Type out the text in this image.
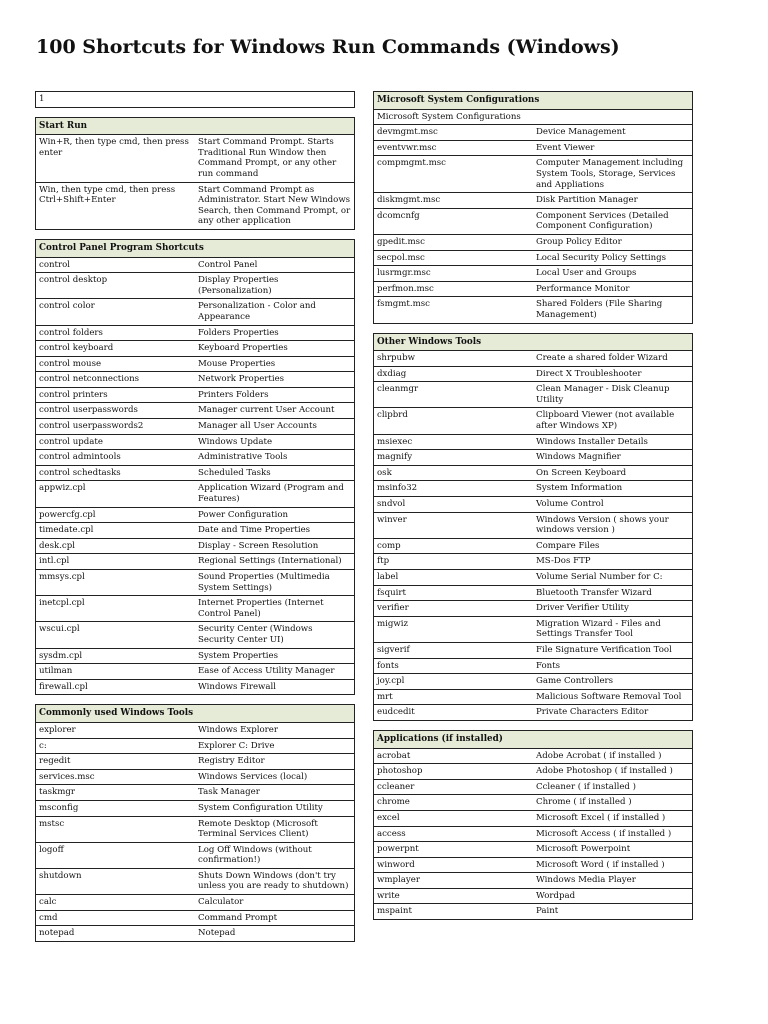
100 Shortcuts for Windows Run Commands (Windows)
1
Start Run	
Win+R, then type cmd, then press enter	Start Command Prompt. Starts Traditional Run Window then Command Prompt, or any other run command
Win, then type cmd, then press Ctrl+Shift+Enter	Start Command Prompt as Administrator. Start New Windows Search, then Command Prompt, or any other application
Control Panel Program Shortcuts	
control	Control Panel
control desktop	Display Properties (Personalization)
control color	Personalization - Color and Appearance
control folders	Folders Properties
control keyboard	Keyboard Properties
control mouse	Mouse Properties
control netconnections	Network Properties
control printers	Printers Folders
control userpasswords	Manager current User Account
control userpasswords2	Manager all User Accounts
control update	Windows Update
control admintools	Administrative Tools
control schedtasks	Scheduled Tasks
appwiz.cpl	Application Wizard (Program and Features)
powercfg.cpl	Power Configuration
timedate.cpl	Date and Time Properties
desk.cpl	Display - Screen Resolution
intl.cpl	Regional Settings (International)
mmsys.cpl	Sound Properties (Multimedia System Settings)
inetcpl.cpl	Internet Properties (Internet Control Panel)
wscui.cpl	Security Center (Windows Security Center UI)
sysdm.cpl	System Properties
utilman	Ease of Access Utility Manager
firewall.cpl	Windows Firewall
Commonly used Windows Tools	
explorer	Windows Explorer
c:	Explorer C: Drive
regedit	Registry Editor
services.msc	Windows Services (local)
taskmgr	Task Manager
msconfig	System Configuration Utility
mstsc	Remote Desktop (Microsoft Terminal Services Client)
logoff	Log Off Windows (without confirmation!)
shutdown	Shuts Down Windows (don't try unless you are ready to shutdown)
calc	Calculator
cmd	Command Prompt
notepad	Notepad
Microsoft System Configurations	
Microsoft System Configurations	
devmgmt.msc	Device Management
eventvwr.msc	Event Viewer
compmgmt.msc	Computer Management including System Tools, Storage, Services and Appliations
diskmgmt.msc	Disk Partition Manager
dcomcnfg	Component Services (Detailed Component Configuration)
gpedit.msc	Group Policy Editor
secpol.msc	Local Security Policy Settings
lusrmgr.msc	Local User and Groups
perfmon.msc	Performance Monitor
fsmgmt.msc	Shared Folders (File Sharing Management)
Other Windows Tools	
shrpubw	Create a shared folder Wizard
dxdiag	Direct X Troubleshooter
cleanmgr	Clean Manager - Disk Cleanup Utility
clipbrd	Clipboard Viewer (not available after Windows XP)
msiexec	Windows Installer Details
magnify	Windows Magnifier
osk	On Screen Keyboard
msinfo32	System Information
sndvol	Volume Control
winver	Windows Version ( shows your windows version )
comp	Compare Files
ftp	MS-Dos FTP
label	Volume Serial Number for C:
fsquirt	Bluetooth Transfer Wizard
verifier	Driver Verifier Utility
migwiz	Migration Wizard - Files and Settings Transfer Tool
sigverif	File Signature Verification Tool
fonts	Fonts
joy.cpl	Game Controllers
mrt	Malicious Software Removal Tool
eudcedit	Private Characters Editor
Applications (if installed)	
acrobat	Adobe Acrobat ( if installed )
photoshop	Adobe Photoshop ( if installed )
ccleaner	Ccleaner ( if installed )
chrome	Chrome ( if installed )
excel	Microsoft Excel ( if installed )
access	Microsoft Access ( if installed )
powerpnt	Microsoft Powerpoint
winword	Microsoft Word ( if installed )
wmplayer	Windows Media Player
write	Wordpad
mspaint	Paint
